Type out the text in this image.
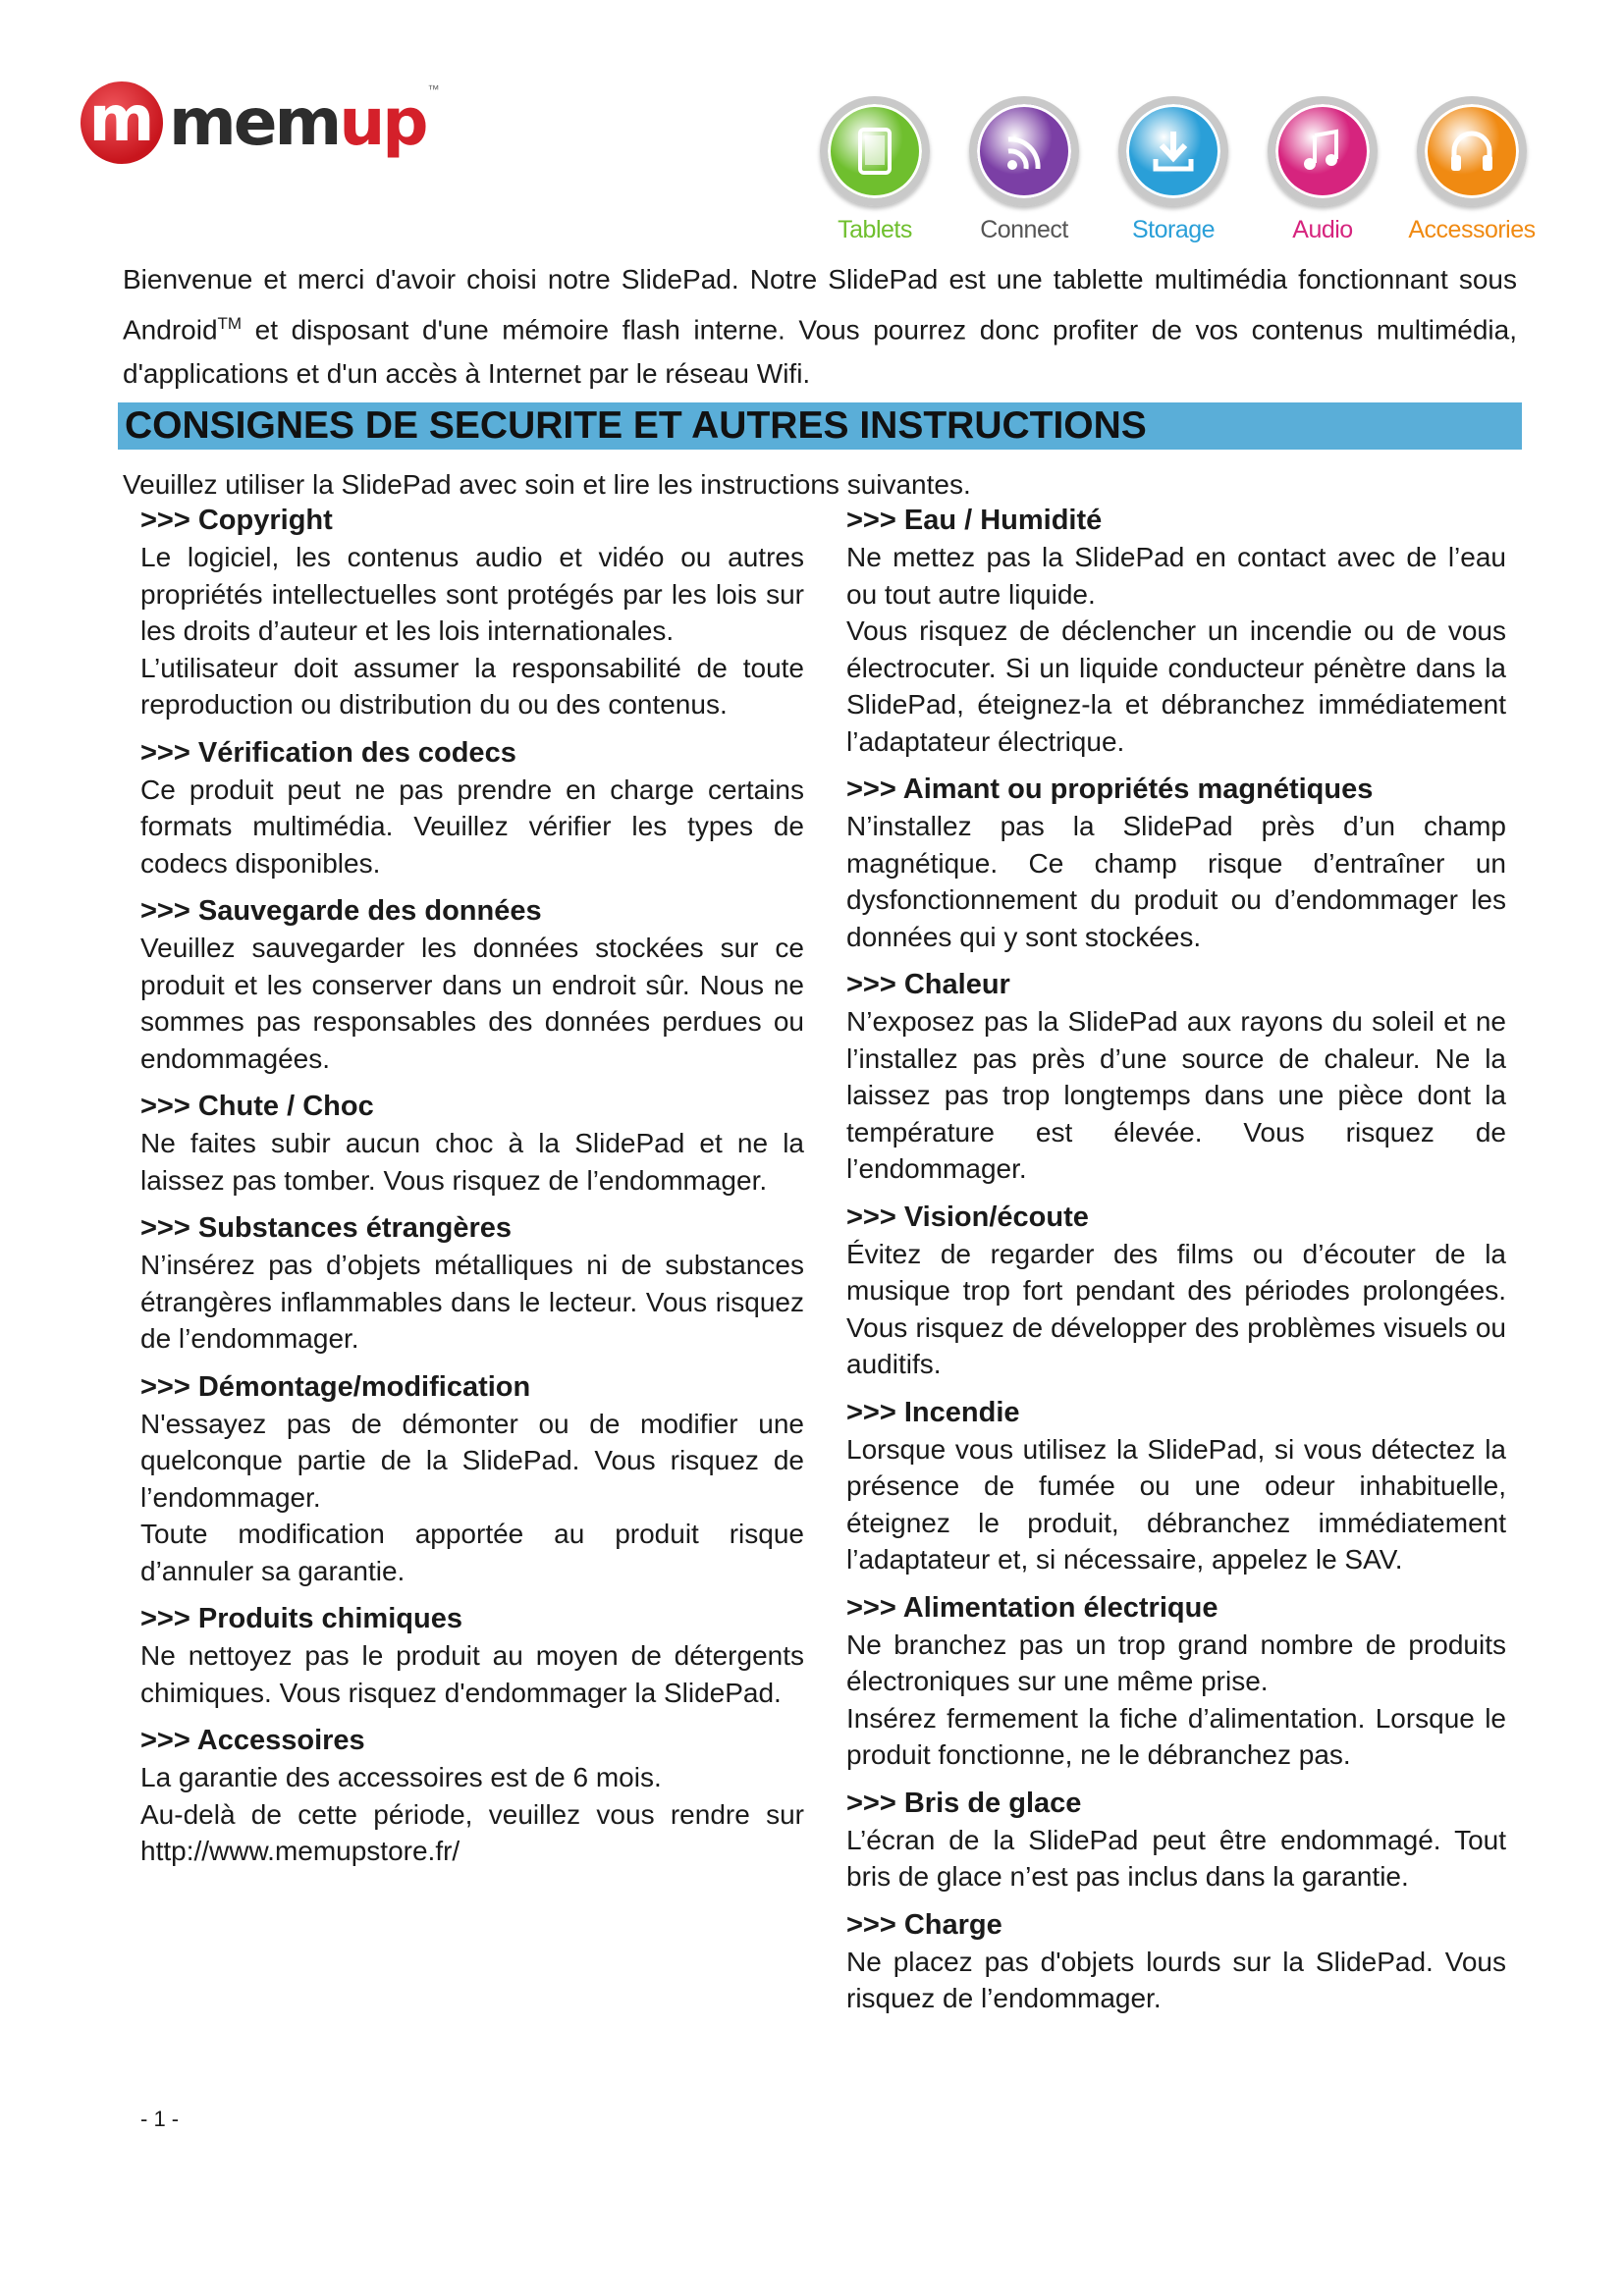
m memup ™
Tablets	Connect	Storage	Audio Accessories
Bienvenue et merci d'avoir choisi notre SlidePad. Notre SlidePad est une tablette multimédia fonctionnant sous Android™ et disposant d'une mémoire flash interne. Vous pourrez donc profiter de vos contenus multimédia, d'applications et d'un accès à Internet par le réseau Wifi.
CONSIGNES DE SECURITE ET AUTRES INSTRUCTIONS
Veuillez utiliser la SlidePad avec soin et lire les instructions suivantes.
>>> Copyright
Le logiciel, les contenus audio et vidéo ou autres propriétés intellectuelles sont protégés par les lois sur les droits d’auteur et les lois internationales.
L’utilisateur doit assumer la responsabilité de toute reproduction ou distribution du ou des contenus.
>>> Vérification des codecs
Ce produit peut ne pas prendre en charge certains formats multimédia. Veuillez vérifier les types de codecs disponibles.
>>> Sauvegarde des données
Veuillez sauvegarder les données stockées sur ce produit et les conserver dans un endroit sûr. Nous ne sommes pas responsables des données perdues ou endommagées.
>>> Chute / Choc
Ne faites subir aucun choc à la SlidePad et ne la laissez pas tomber. Vous risquez de l’endommager.
>>> Substances étrangères
N’insérez pas d’objets métalliques ni de substances étrangères inflammables dans le lecteur. Vous risquez de l’endommager.
>>> Démontage/modification
N'essayez pas de démonter ou de modifier une quelconque partie de la SlidePad. Vous risquez de l’endommager.
Toute modification apportée au produit risque d’annuler sa garantie.
>>> Produits chimiques
Ne nettoyez pas le produit au moyen de détergents chimiques. Vous risquez d'endommager la SlidePad.
>>> Accessoires
La garantie des accessoires est de 6 mois.
Au-delà de cette période, veuillez vous rendre sur http://www.memupstore.fr/
>>> Eau / Humidité
Ne mettez pas la SlidePad en contact avec de l’eau ou tout autre liquide.
Vous risquez de déclencher un incendie ou de vous électrocuter. Si un liquide conducteur pénètre dans la SlidePad, éteignez-la et débranchez immédiatement l’adaptateur électrique.
>>> Aimant ou propriétés magnétiques
N’installez pas la SlidePad près d’un champ magnétique. Ce champ risque d’entraîner un dysfonctionnement du produit ou d’endommager les données qui y sont stockées.
>>> Chaleur
N’exposez pas la SlidePad aux rayons du soleil et ne l’installez pas près d’une source de chaleur. Ne la laissez pas trop longtemps dans une pièce dont la température est élevée. Vous risquez de l’endommager.
>>> Vision/écoute
Évitez de regarder des films ou d’écouter de la musique trop fort pendant des périodes prolongées. Vous risquez de développer des problèmes visuels ou auditifs.
>>> Incendie
Lorsque vous utilisez la SlidePad, si vous détectez la présence de fumée ou une odeur inhabituelle, éteignez le produit, débranchez immédiatement l’adaptateur et, si nécessaire, appelez le SAV.
>>> Alimentation électrique
Ne branchez pas un trop grand nombre de produits électroniques sur une même prise.
Insérez fermement la fiche d’alimentation. Lorsque le produit fonctionne, ne le débranchez pas.
>>> Bris de glace
L’écran de la SlidePad peut être endommagé. Tout bris de glace n’est pas inclus dans la garantie.
>>> Charge
Ne placez pas d'objets lourds sur la SlidePad. Vous risquez de l’endommager.
- 1 -
